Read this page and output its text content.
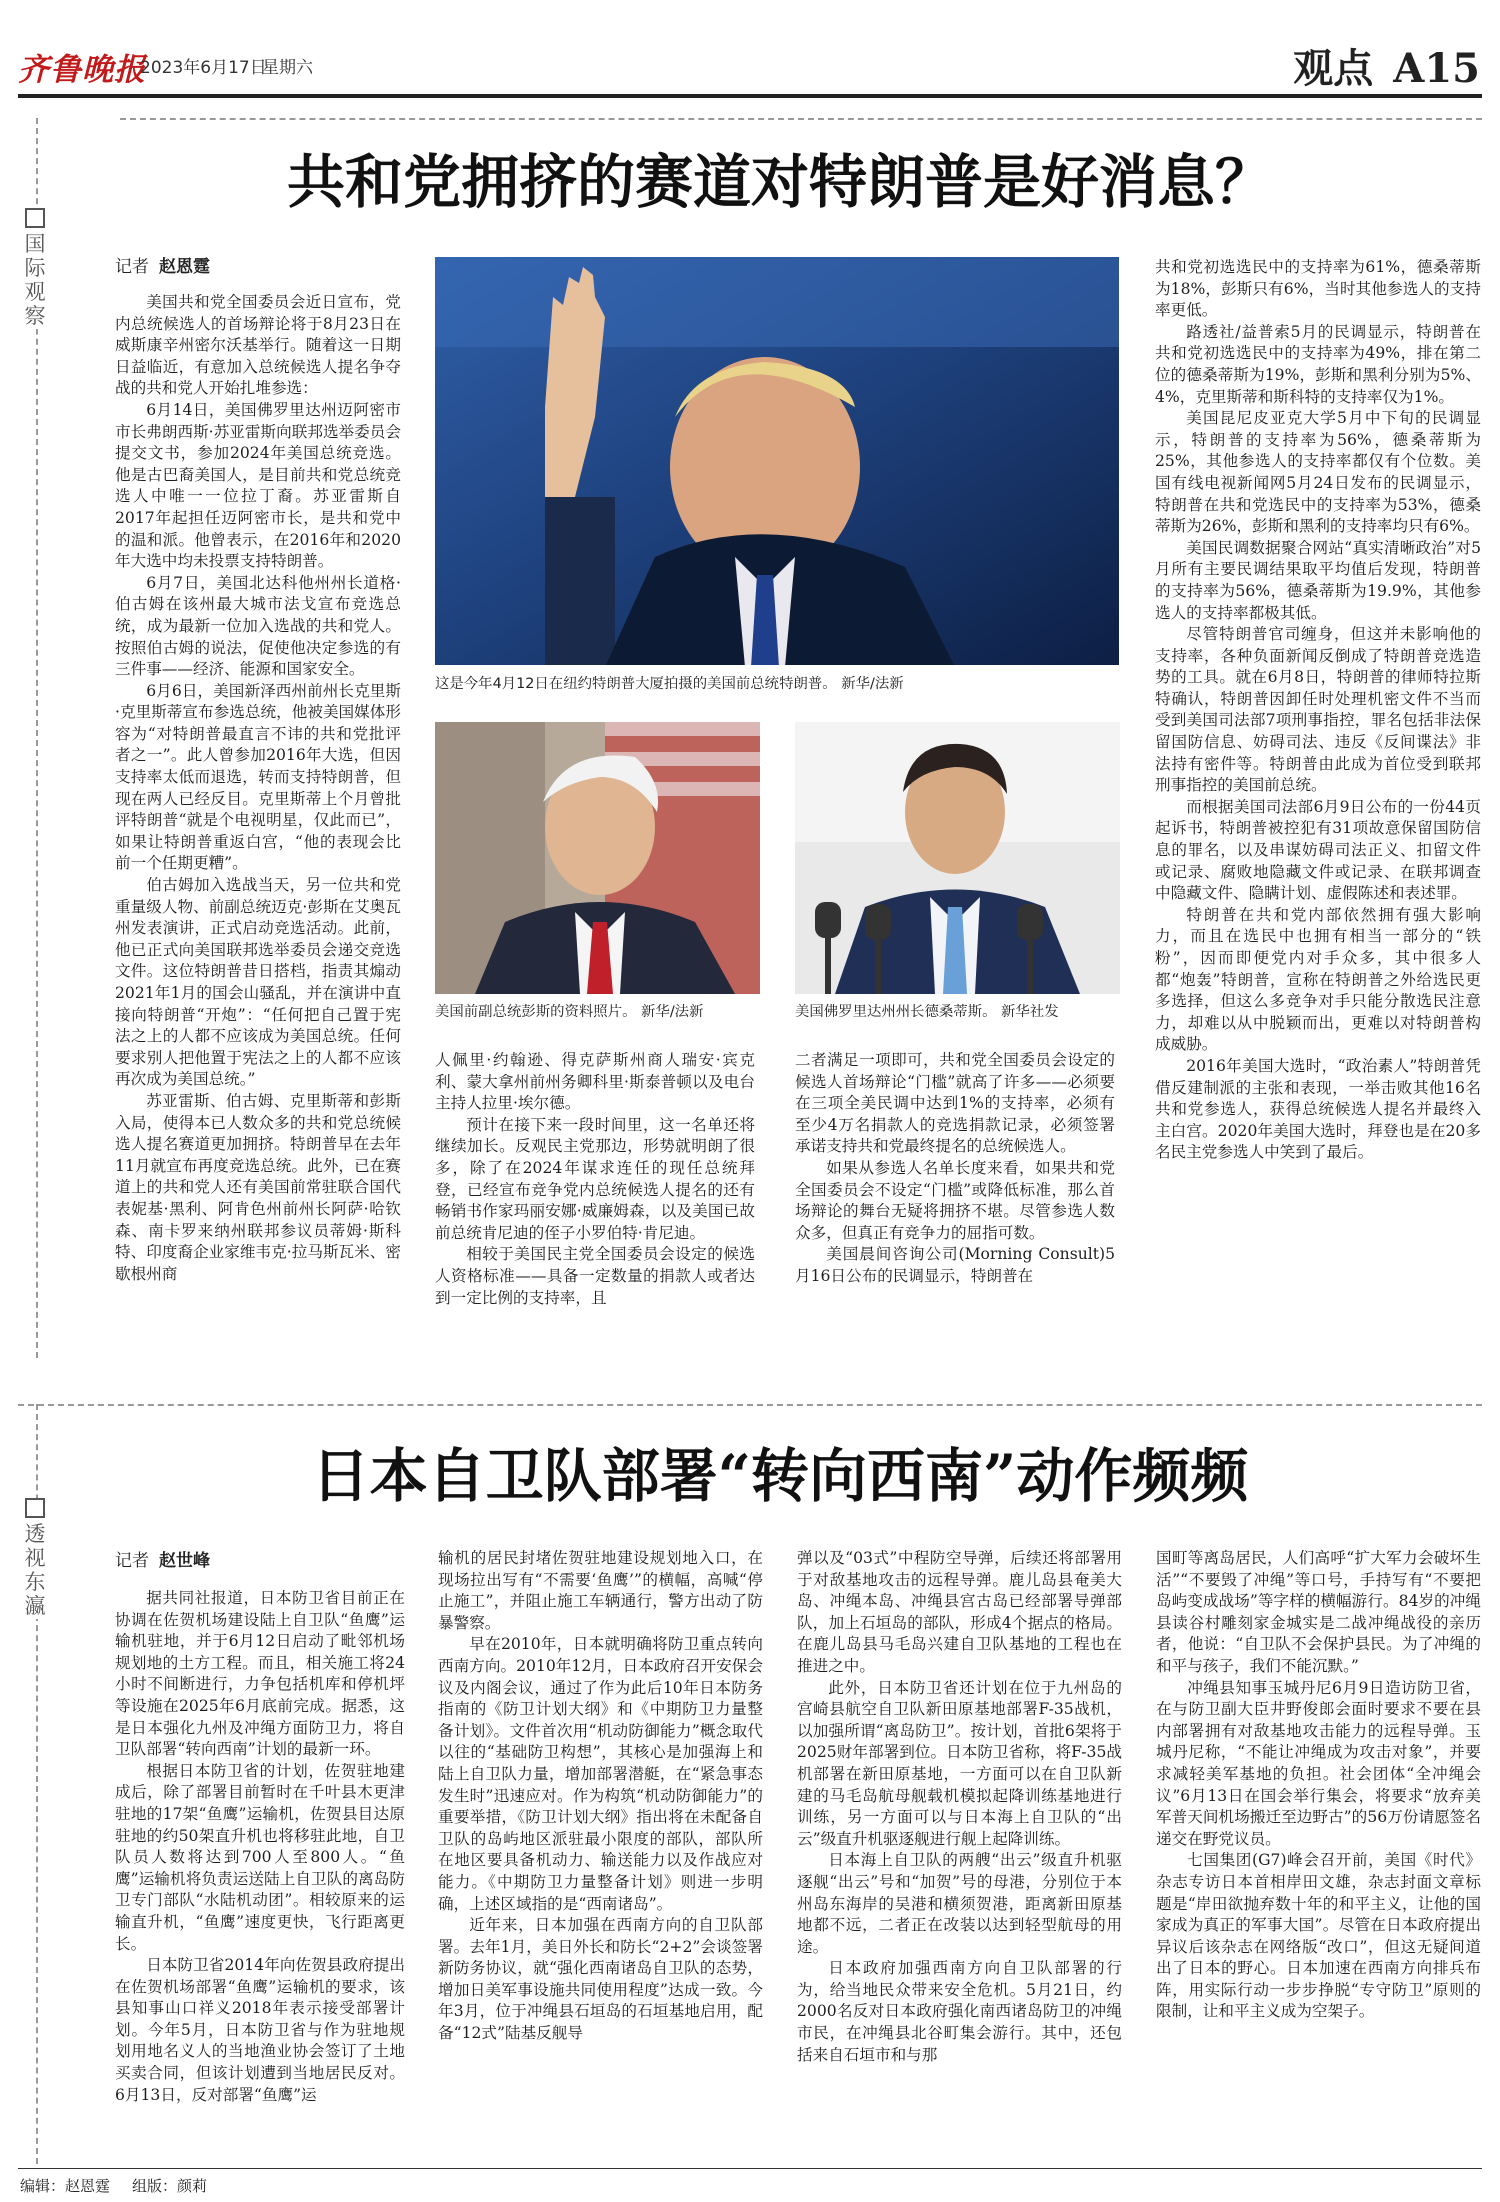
齐鲁晚报
2023年6月17日
星期六	观点 A15
国
际
观
察
共和党拥挤的赛道对特朗普是好消息？
记者 赵恩霆

美国共和党全国委员会近日宣布，党内总统候选人的首场辩论将于8月23日在威斯康辛州密尔沃基举行。随着这一日期日益临近，有意加入总统候选人提名争夺战的共和党人开始扎堆参选：

6月14日，美国佛罗里达州迈阿密市市长弗朗西斯·苏亚雷斯向联邦选举委员会提交文书，参加2024年美国总统竞选。他是古巴裔美国人，是目前共和党总统竞选人中唯一一位拉丁裔。苏亚雷斯自2017年起担任迈阿密市长，是共和党中的温和派。他曾表示，在2016年和2020年大选中均未投票支持特朗普。

6月7日，美国北达科他州州长道格·伯古姆在该州最大城市法戈宣布竞选总统，成为最新一位加入选战的共和党人。按照伯古姆的说法，促使他决定参选的有三件事——经济、能源和国家安全。

6月6日，美国新泽西州前州长克里斯·克里斯蒂宣布参选总统，他被美国媒体形容为“对特朗普最直言不讳的共和党批评者之一”。此人曾参加2016年大选，但因支持率太低而退选，转而支持特朗普，但现在两人已经反目。克里斯蒂上个月曾批评特朗普“就是个电视明星，仅此而已”，如果让特朗普重返白宫，“他的表现会比前一个任期更糟”。

伯古姆加入选战当天，另一位共和党重量级人物、前副总统迈克·彭斯在艾奥瓦州发表演讲，正式启动竞选活动。此前，他已正式向美国联邦选举委员会递交竞选文件。这位特朗普昔日搭档，指责其煽动2021年1月的国会山骚乱，并在演讲中直接向特朗普“开炮”：“任何把自己置于宪法之上的人都不应该成为美国总统。任何要求别人把他置于宪法之上的人都不应该再次成为美国总统。”

苏亚雷斯、伯古姆、克里斯蒂和彭斯入局，使得本已人数众多的共和党总统候选人提名赛道更加拥挤。特朗普早在去年11月就宣布再度竞选总统。此外，已在赛道上的共和党人还有美国前常驻联合国代表妮基·黑利、阿肯色州前州长阿萨·哈钦森、南卡罗来纳州联邦参议员蒂姆·斯科特、印度裔企业家维韦克·拉马斯瓦米、密歇根州商

这是今年4月12日在纽约特朗普大厦拍摄的美国前总统特朗普。 新华/法新
美国前副总统彭斯的资料照片。 新华/法新	美国佛罗里达州州长德桑蒂斯。 新华社发

人佩里·约翰逊、得克萨斯州商人瑞安·宾克利、蒙大拿州前州务卿科里·斯泰普顿以及电台主持人拉里·埃尔德。

预计在接下来一段时间里，这一名单还将继续加长。反观民主党那边，形势就明朗了很多，除了在2024年谋求连任的现任总统拜登，已经宣布竞争党内总统候选人提名的还有畅销书作家玛丽安娜·威廉姆森，以及美国已故前总统肯尼迪的侄子小罗伯特·肯尼迪。

相较于美国民主党全国委员会设定的候选人资格标准——具备一定数量的捐款人或者达到一定比例的支持率，且

二者满足一项即可，共和党全国委员会设定的候选人首场辩论“门槛”就高了许多——必须要在三项全美民调中达到1%的支持率，必须有至少4万名捐款人的竞选捐款记录，必须签署承诺支持共和党最终提名的总统候选人。

如果从参选人名单长度来看，如果共和党全国委员会不设定“门槛”或降低标准，那么首场辩论的舞台无疑将拥挤不堪。尽管参选人数众多，但真正有竞争力的屈指可数。

美国晨间咨询公司(Morning Consult)5月16日公布的民调显示，特朗普在

共和党初选选民中的支持率为61%，德桑蒂斯为18%，彭斯只有6%，当时其他参选人的支持率更低。

路透社/益普索5月的民调显示，特朗普在共和党初选选民中的支持率为49%，排在第二位的德桑蒂斯为19%，彭斯和黑利分别为5%、4%，克里斯蒂和斯科特的支持率仅为1%。

美国昆尼皮亚克大学5月中下旬的民调显示，特朗普的支持率为56%，德桑蒂斯为25%，其他参选人的支持率都仅有个位数。美国有线电视新闻网5月24日发布的民调显示，特朗普在共和党选民中的支持率为53%，德桑蒂斯为26%，彭斯和黑利的支持率均只有6%。

美国民调数据聚合网站“真实清晰政治”对5月所有主要民调结果取平均值后发现，特朗普的支持率为56%，德桑蒂斯为19.9%，其他参选人的支持率都极其低。

尽管特朗普官司缠身，但这并未影响他的支持率，各种负面新闻反倒成了特朗普竞选造势的工具。就在6月8日，特朗普的律师特拉斯特确认，特朗普因卸任时处理机密文件不当而受到美国司法部7项刑事指控，罪名包括非法保留国防信息、妨碍司法、违反《反间谍法》非法持有密件等。特朗普由此成为首位受到联邦刑事指控的美国前总统。

而根据美国司法部6月9日公布的一份44页起诉书，特朗普被控犯有31项故意保留国防信息的罪名，以及串谋妨碍司法正义、扣留文件或记录、腐败地隐藏文件或记录、在联邦调查中隐藏文件、隐瞒计划、虚假陈述和表述罪。

特朗普在共和党内部依然拥有强大影响力，而且在选民中也拥有相当一部分的“铁粉”，因而即便党内对手众多，其中很多人都“炮轰”特朗普，宣称在特朗普之外给选民更多选择，但这么多竞争对手只能分散选民注意力，却难以从中脱颖而出，更难以对特朗普构成威胁。

2016年美国大选时，“政治素人”特朗普凭借反建制派的主张和表现，一举击败其他16名共和党参选人，获得总统候选人提名并最终入主白宫。2020年美国大选时，拜登也是在20多名民主党参选人中笑到了最后。

透
视
东
瀛
日本自卫队部署“转向西南”动作频频
记者 赵世峰

据共同社报道，日本防卫省目前正在协调在佐贺机场建设陆上自卫队“鱼鹰”运输机驻地，并于6月12日启动了毗邻机场规划地的土方工程。而且，相关施工将24小时不间断进行，力争包括机库和停机坪等设施在2025年6月底前完成。据悉，这是日本强化九州及冲绳方面防卫力，将自卫队部署“转向西南”计划的最新一环。

根据日本防卫省的计划，佐贺驻地建成后，除了部署目前暂时在千叶县木更津驻地的17架“鱼鹰”运输机，佐贺县目达原驻地的约50架直升机也将移驻此地，自卫队员人数将达到700人至800人。“鱼鹰”运输机将负责运送陆上自卫队的离岛防卫专门部队“水陆机动团”。相较原来的运输直升机，“鱼鹰”速度更快，飞行距离更长。

日本防卫省2014年向佐贺县政府提出在佐贺机场部署“鱼鹰”运输机的要求，该县知事山口祥义2018年表示接受部署计划。今年5月，日本防卫省与作为驻地规划用地名义人的当地渔业协会签订了土地买卖合同，但该计划遭到当地居民反对。6月13日，反对部署“鱼鹰”运

输机的居民封堵佐贺驻地建设规划地入口，在现场拉出写有“不需要‘鱼鹰’”的横幅，高喊“停止施工”，并阻止施工车辆通行，警方出动了防暴警察。

早在2010年，日本就明确将防卫重点转向西南方向。2010年12月，日本政府召开安保会议及内阁会议，通过了作为此后10年日本防务指南的《防卫计划大纲》和《中期防卫力量整备计划》。文件首次用“机动防御能力”概念取代以往的“基础防卫构想”，其核心是加强海上和陆上自卫队力量，增加部署潜艇，在“紧急事态发生时”迅速应对。作为构筑“机动防御能力”的重要举措，《防卫计划大纲》指出将在未配备自卫队的岛屿地区派驻最小限度的部队，部队所在地区要具备机动力、输送能力以及作战应对能力。《中期防卫力量整备计划》则进一步明确，上述区域指的是“西南诸岛”。

近年来，日本加强在西南方向的自卫队部署。去年1月，美日外长和防长“2+2”会谈签署新防务协议，就“强化西南诸岛自卫队的态势，增加日美军事设施共同使用程度”达成一致。今年3月，位于冲绳县石垣岛的石垣基地启用，配备“12式”陆基反舰导

弹以及“03式”中程防空导弹，后续还将部署用于对敌基地攻击的远程导弹。鹿儿岛县奄美大岛、冲绳本岛、冲绳县宫古岛已经部署导弹部队，加上石垣岛的部队，形成4个据点的格局。在鹿儿岛县马毛岛兴建自卫队基地的工程也在推进之中。

此外，日本防卫省还计划在位于九州岛的宫崎县航空自卫队新田原基地部署F-35战机，以加强所谓“离岛防卫”。按计划，首批6架将于2025财年部署到位。日本防卫省称，将F-35战机部署在新田原基地，一方面可以在自卫队新建的马毛岛航母舰载机模拟起降训练基地进行训练，另一方面可以与日本海上自卫队的“出云”级直升机驱逐舰进行舰上起降训练。

日本海上自卫队的两艘“出云”级直升机驱逐舰“出云”号和“加贺”号的母港，分别位于本州岛东海岸的吴港和横须贺港，距离新田原基地都不远，二者正在改装以达到轻型航母的用途。

日本政府加强西南方向自卫队部署的行为，给当地民众带来安全危机。5月21日，约2000名反对日本政府强化南西诸岛防卫的冲绳市民，在冲绳县北谷町集会游行。其中，还包括来自石垣市和与那

国町等离岛居民，人们高呼“扩大军力会破坏生活”“不要毁了冲绳”等口号，手持写有“不要把岛屿变成战场”等字样的横幅游行。84岁的冲绳县读谷村雕刻家金城实是二战冲绳战役的亲历者，他说：“自卫队不会保护县民。为了冲绳的和平与孩子，我们不能沉默。”

冲绳县知事玉城丹尼6月9日造访防卫省，在与防卫副大臣井野俊郎会面时要求不要在县内部署拥有对敌基地攻击能力的远程导弹。玉城丹尼称，“不能让冲绳成为攻击对象”，并要求减轻美军基地的负担。社会团体“全冲绳会议”6月13日在国会举行集会，将要求“放弃美军普天间机场搬迁至边野古”的56万份请愿签名递交在野党议员。

七国集团(G7)峰会召开前，美国《时代》杂志专访日本首相岸田文雄，杂志封面文章标题是“岸田欲抛弃数十年的和平主义，让他的国家成为真正的军事大国”。尽管在日本政府提出异议后该杂志在网络版“改口”，但这无疑间道出了日本的野心。日本加速在西南方向排兵布阵，用实际行动一步步挣脱“专守防卫”原则的限制，让和平主义成为空架子。

编辑：赵恩霆 组版：颜莉
